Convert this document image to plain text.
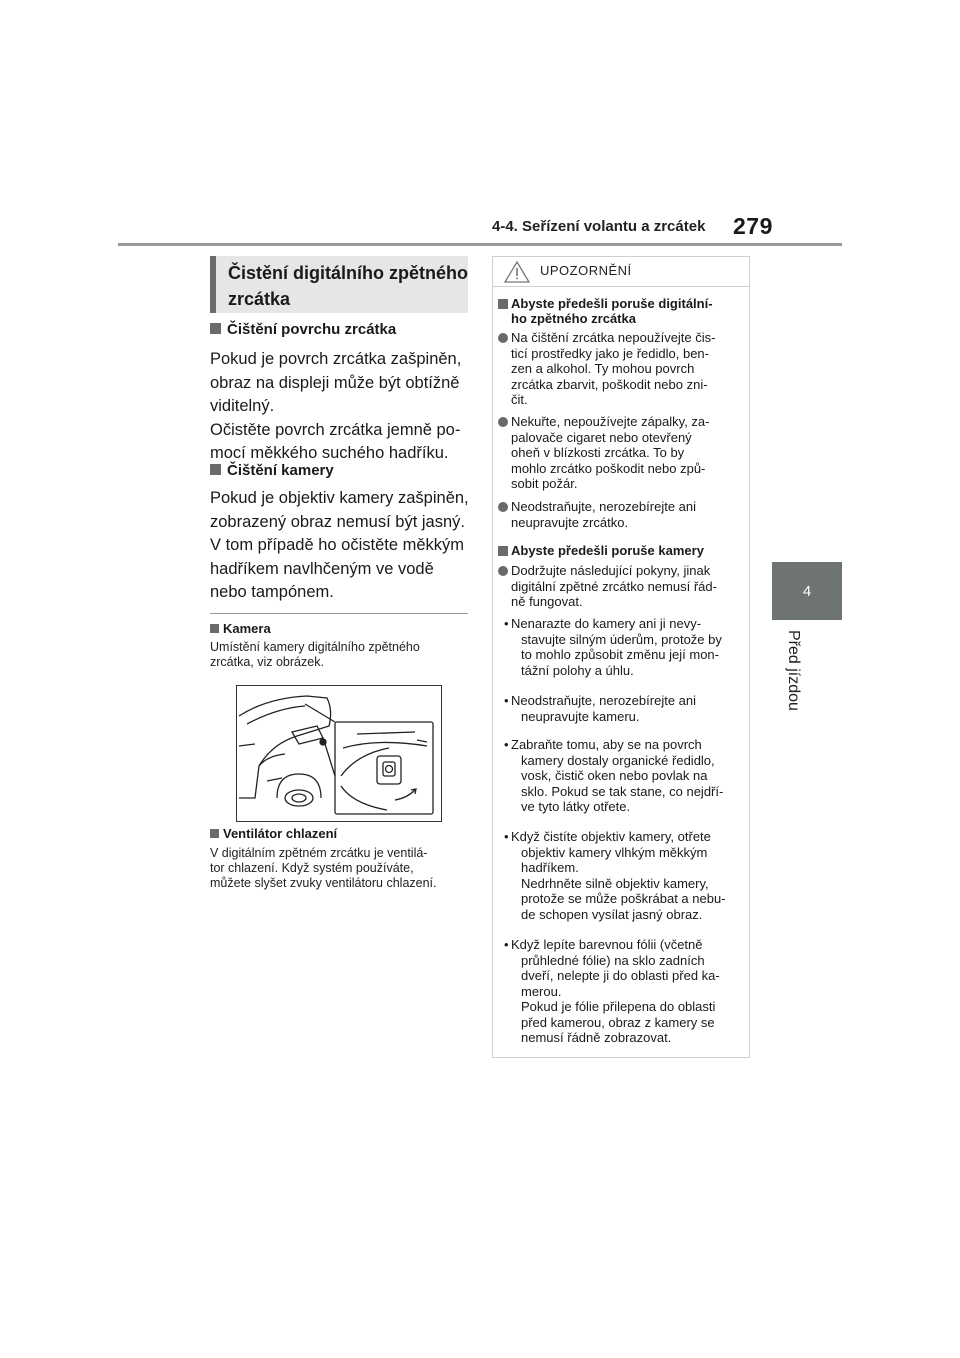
4-4. Seřízení volantu a zrcátek 279
4
Před jízdou
Čistění digitálního zpětného
zrcátka
Čištění povrchu zrcátka
Pokud je povrch zrcátka zašpiněn,
obraz na displeji může být obtížně
viditelný.
Očistěte povrch zrcátka jemně po-
mocí měkkého suchého hadříku.
Čištění kamery
Pokud je objektiv kamery zašpiněn,
zobrazený obraz nemusí být jasný.
V tom případě ho očistěte měkkým
hadříkem navlhčeným ve vodě
nebo tampónem.
Kamera
Umístění kamery digitálního zpětného
zrcátka, viz obrázek.
Ventilátor chlazení
V digitálním zpětném zrcátku je ventilá-
tor chlazení. Když systém používáte,
můžete slyšet zvuky ventilátoru chlazení.
UPOZORNĚNÍ
Abyste předešli poruše digitální-
ho zpětného zrcátka
Na čištění zrcátka nepoužívejte čis-
ticí prostředky jako je ředidlo, ben-
zen a alkohol. Ty mohou povrch
zrcátka zbarvit, poškodit nebo zni-
čit.
Nekuřte, nepoužívejte zápalky, za-
palovače cigaret nebo otevřený
oheň v blízkosti zrcátka. To by
mohlo zrcátko poškodit nebo způ-
sobit požár.
Neodstraňujte, nerozebírejte ani
neupravujte zrcátko.
Abyste předešli poruše kamery
Dodržujte následující pokyny, jinak
digitální zpětné zrcátko nemusí řád-
ně fungovat.
• Nenarazte do kamery ani ji nevy-
stavujte silným úderům, protože by
to mohlo způsobit změnu její mon-
tážní polohy a úhlu.
• Neodstraňujte, nerozebírejte ani
neupravujte kameru.
• Zabraňte tomu, aby se na povrch
kamery dostaly organické ředidlo,
vosk, čistič oken nebo povlak na
sklo. Pokud se tak stane, co nejdří-
ve tyto látky otřete.
• Když čistíte objektiv kamery, otřete
objektiv kamery vlhkým měkkým
hadříkem.
Nedrhněte silně objektiv kamery,
protože se může poškrábat a nebu-
de schopen vysílat jasný obraz.
• Když lepíte barevnou fólii (včetně
průhledné fólie) na sklo zadních
dveří, nelepte ji do oblasti před ka-
merou.
Pokud je fólie přilepena do oblasti
před kamerou, obraz z kamery se
nemusí řádně zobrazovat.
